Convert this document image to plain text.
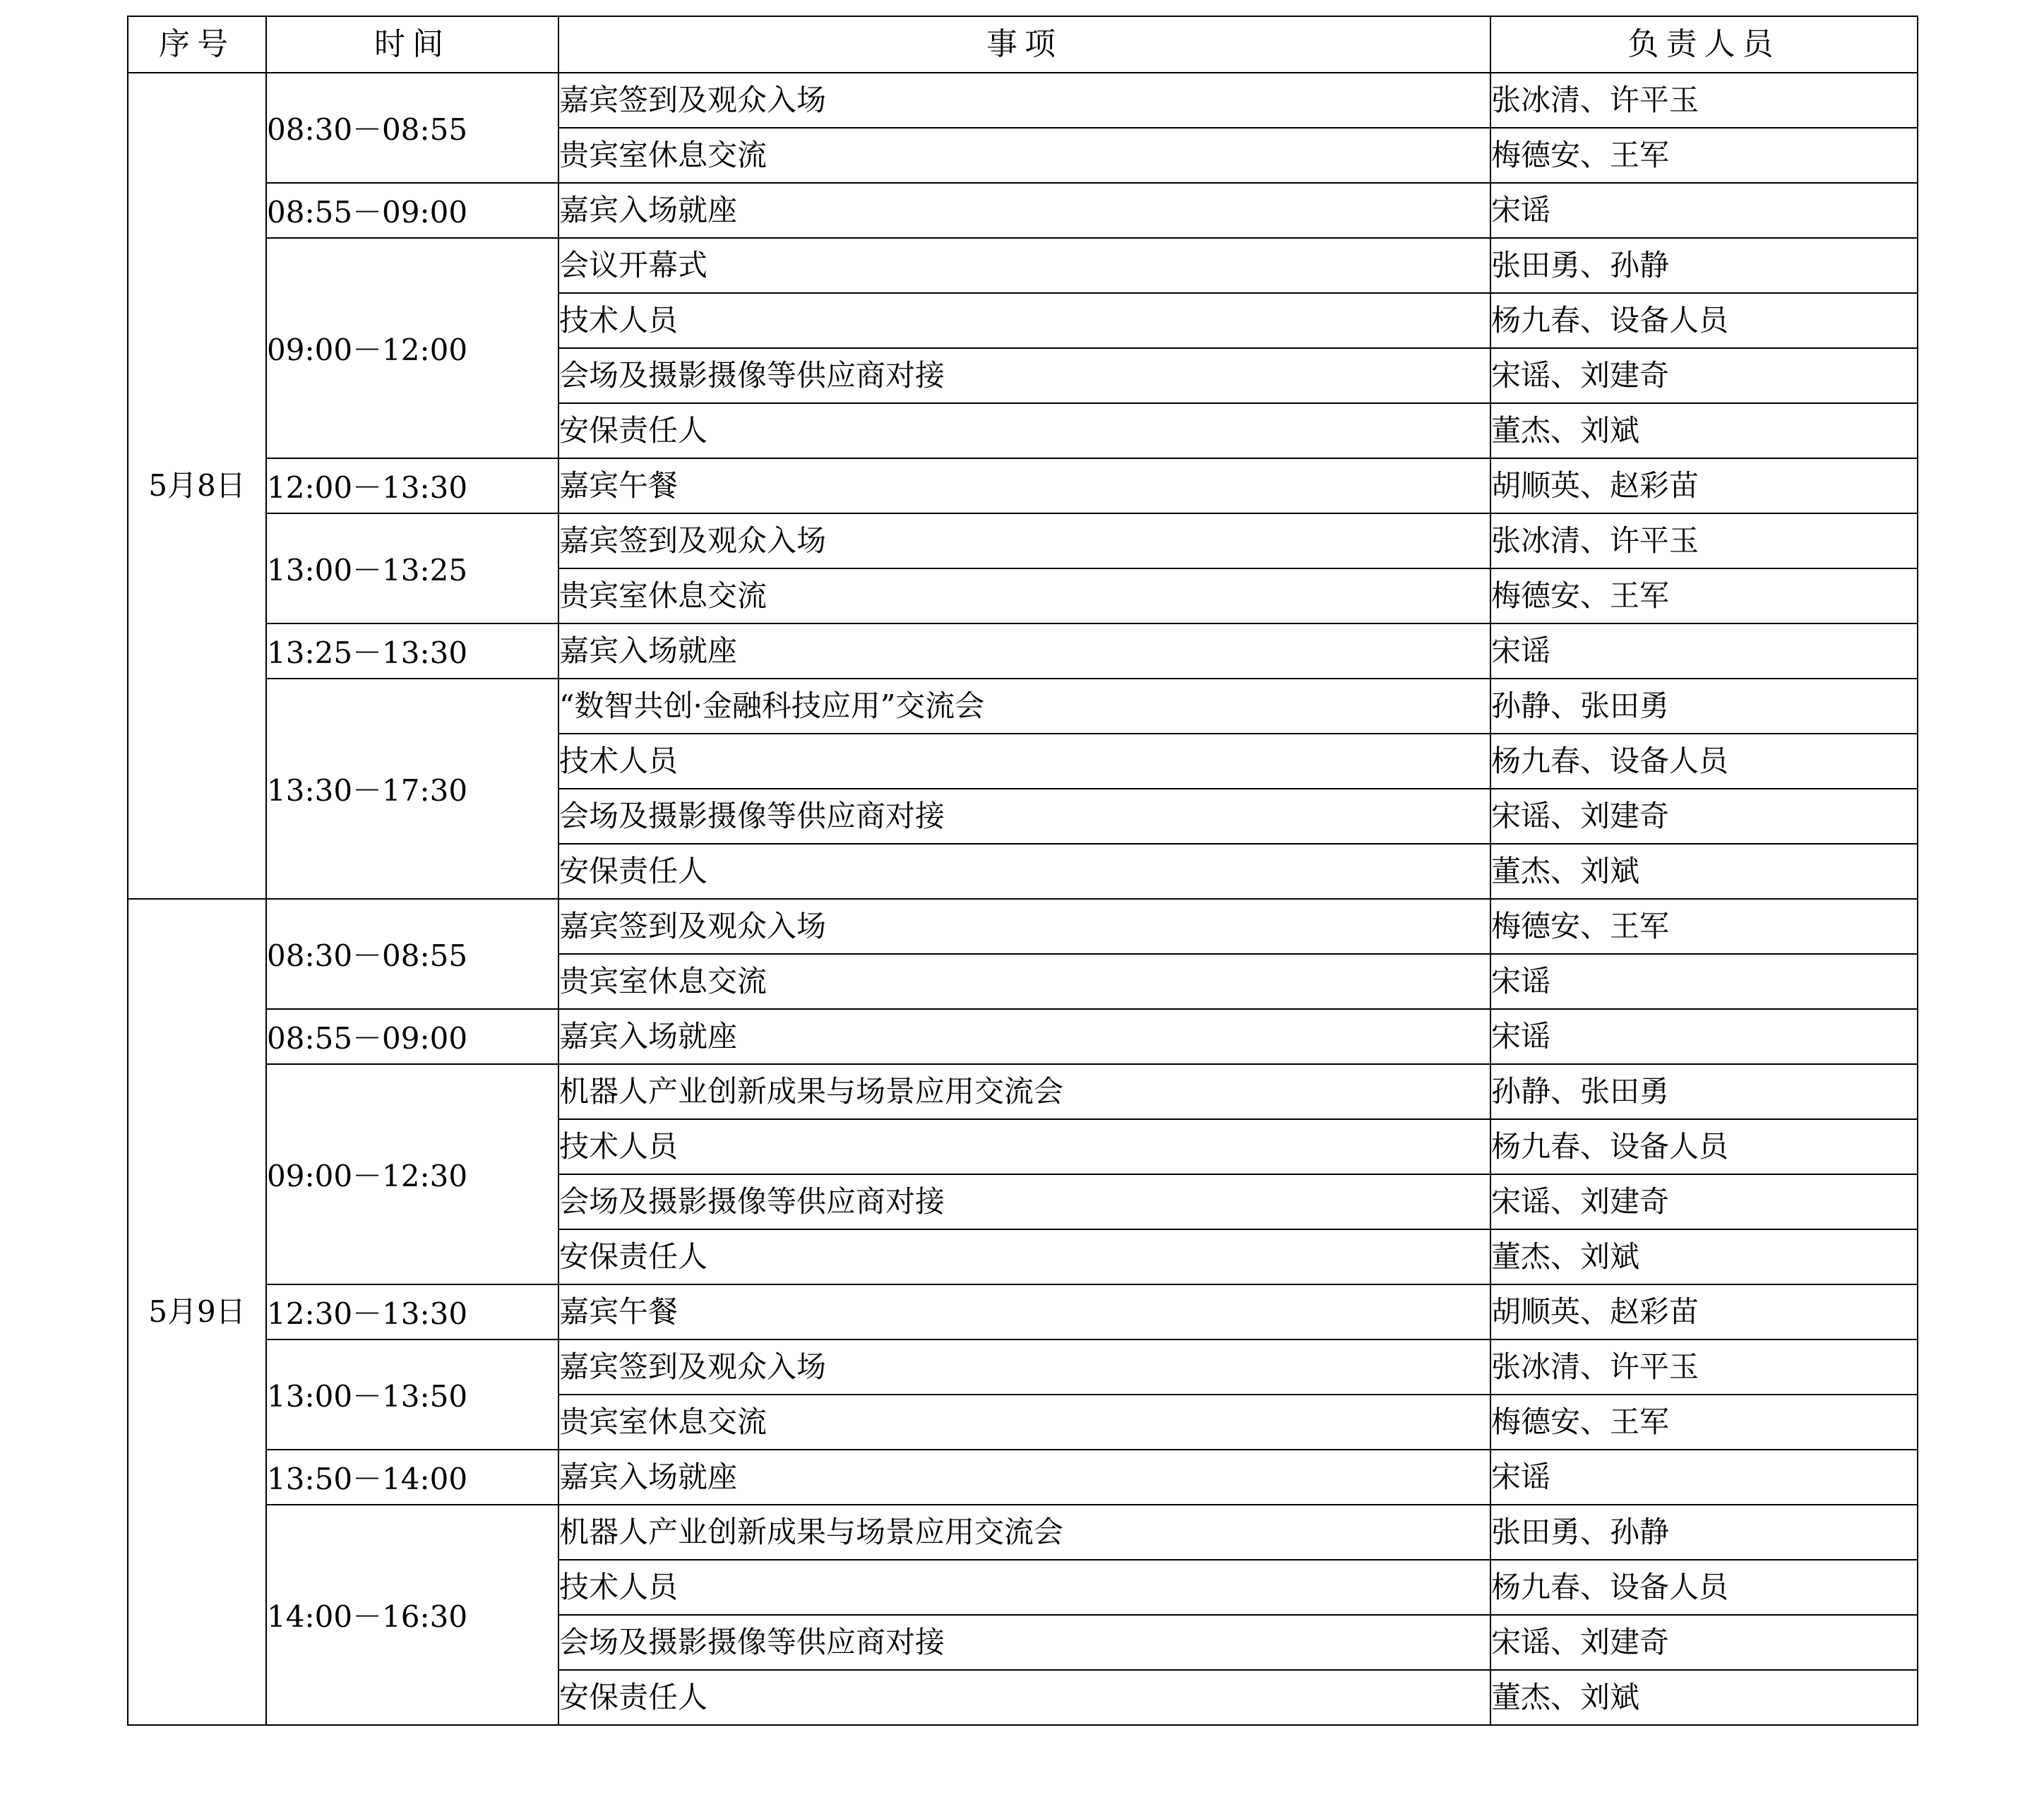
序号	时间	事项	负责人员
5月8日	08:30－08:55	嘉宾签到及观众入场	张冰清、许平玉
		贵宾室休息交流	梅德安、王军
	08:55－09:00	嘉宾入场就座	宋谣
	09:00－12:00	会议开幕式	张田勇、孙静
		技术人员	杨九春、设备人员
		会场及摄影摄像等供应商对接	宋谣、刘建奇
		安保责任人	董杰、刘斌
	12:00－13:30	嘉宾午餐	胡顺英、赵彩苗
	13:00－13:25	嘉宾签到及观众入场	张冰清、许平玉
		贵宾室休息交流	梅德安、王军
	13:25－13:30	嘉宾入场就座	宋谣
	13:30－17:30	“数智共创·金融科技应用”交流会	孙静、张田勇
		技术人员	杨九春、设备人员
		会场及摄影摄像等供应商对接	宋谣、刘建奇
		安保责任人	董杰、刘斌
5月9日	08:30－08:55	嘉宾签到及观众入场	梅德安、王军
		贵宾室休息交流	宋谣
	08:55－09:00	嘉宾入场就座	宋谣
	09:00－12:30	机器人产业创新成果与场景应用交流会	孙静、张田勇
		技术人员	杨九春、设备人员
		会场及摄影摄像等供应商对接	宋谣、刘建奇
		安保责任人	董杰、刘斌
	12:30－13:30	嘉宾午餐	胡顺英、赵彩苗
	13:00－13:50	嘉宾签到及观众入场	张冰清、许平玉
		贵宾室休息交流	梅德安、王军
	13:50－14:00	嘉宾入场就座	宋谣
	14:00－16:30	机器人产业创新成果与场景应用交流会	张田勇、孙静
		技术人员	杨九春、设备人员
		会场及摄影摄像等供应商对接	宋谣、刘建奇
		安保责任人	董杰、刘斌
